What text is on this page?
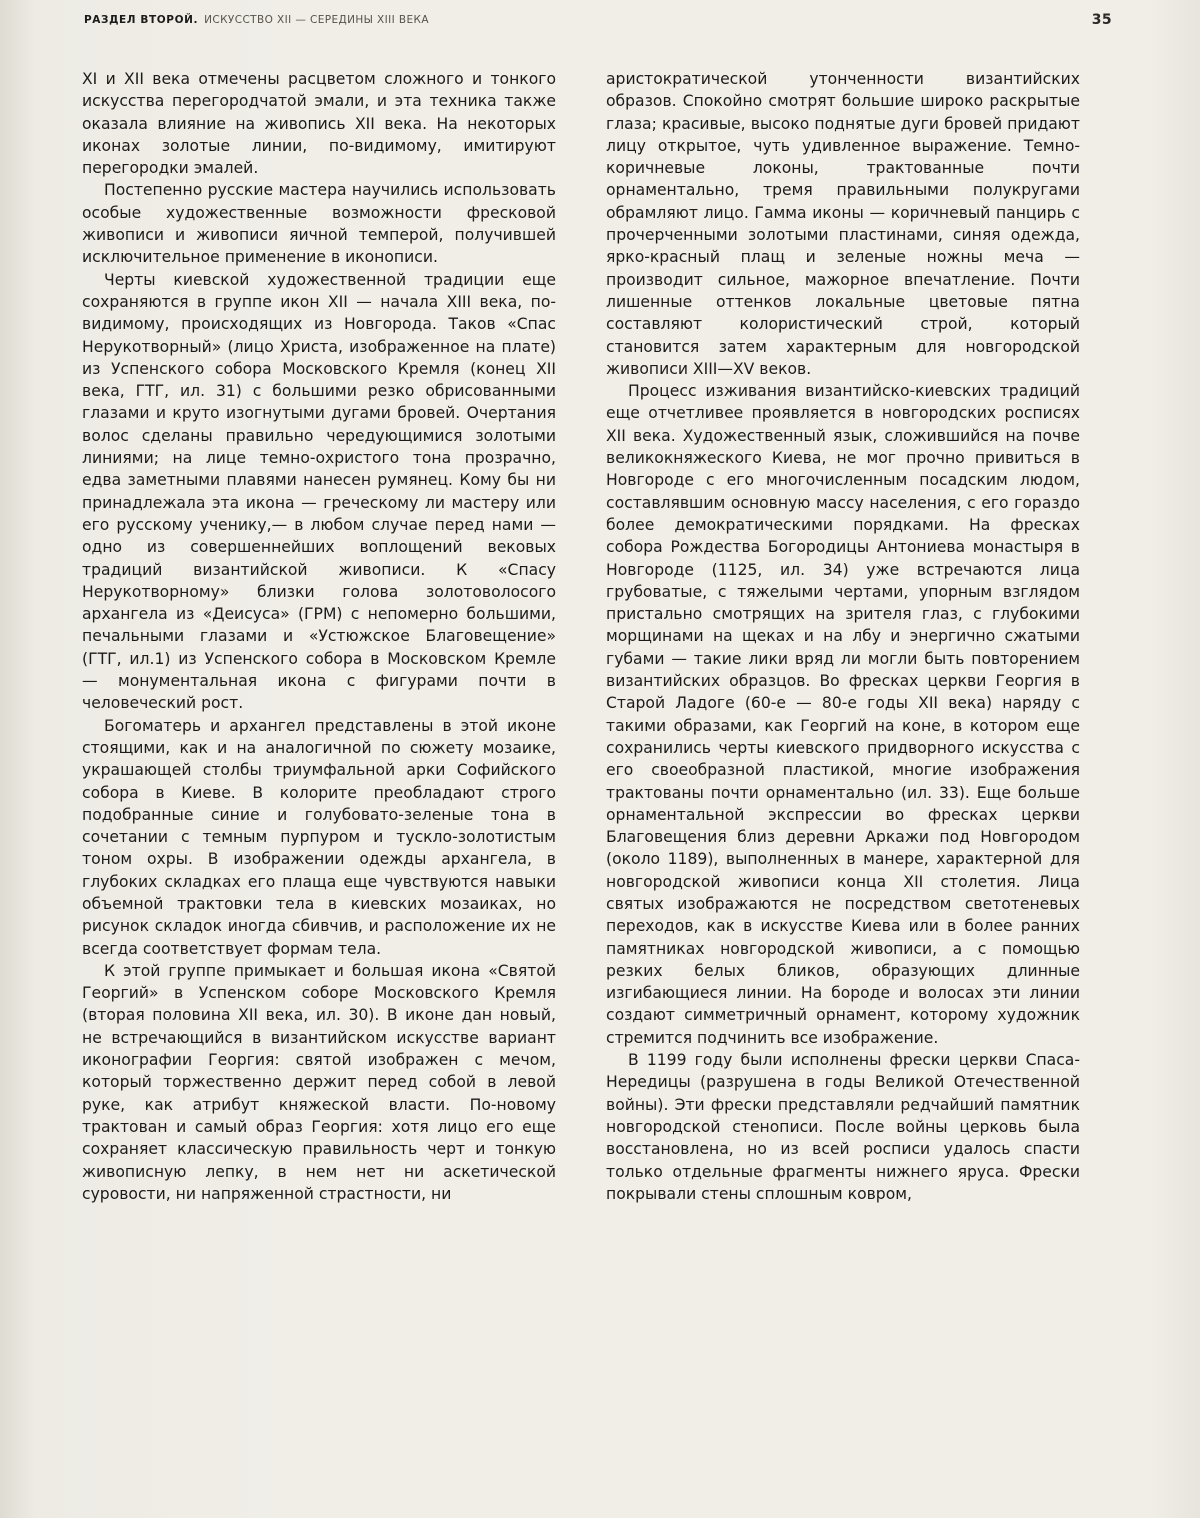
РАЗДЕЛ ВТОРОЙ. ИСКУССТВО XII — СЕРЕДИНЫ XIII ВЕКА	35

XI и XII века отмечены расцветом сложного и тонкого искусства перегородчатой эмали, и эта техника также оказала влияние на живопись XII века. На некоторых иконах золотые линии, по-видимому, имитируют перегородки эмалей.

Постепенно русские мастера научились использовать особые художественные возможности фресковой живописи и живописи яичной темперой, получившей исключительное применение в иконописи.

Черты киевской художественной традиции еще сохраняются в группе икон XII — начала XIII века, по-видимому, происходящих из Новгорода. Таков «Спас Нерукотворный» (лицо Христа, изображенное на плате) из Успенского собора Московского Кремля (конец XII века, ГТГ, ил. 31) с большими резко обрисованными глазами и круто изогнутыми дугами бровей. Очертания волос сделаны правильно чередующимися золотыми линиями; на лице темно-охристого тона прозрачно, едва заметными плавями нанесен румянец. Кому бы ни принадлежала эта икона — греческому ли мастеру или его русскому ученику,— в любом случае перед нами — одно из совершеннейших воплощений вековых традиций византийской живописи. К «Спасу Нерукотворному» близки голова золотоволосого архангела из «Деисуса» (ГРМ) с непомерно большими, печальными глазами и «Устюжское Благовещение» (ГТГ, ил.1) из Успенского собора в Московском Кремле — монументальная икона с фигурами почти в человеческий рост.

Богоматерь и архангел представлены в этой иконе стоящими, как и на аналогичной по сюжету мозаике, украшающей столбы триумфальной арки Софийского собора в Киеве. В колорите преобладают строго подобранные синие и голубовато-зеленые тона в сочетании с темным пурпуром и тускло-золотистым тоном охры. В изображении одежды архангела, в глубоких складках его плаща еще чувствуются навыки объемной трактовки тела в киевских мозаиках, но рисунок складок иногда сбивчив, и расположение их не всегда соответствует формам тела.

К этой группе примыкает и большая икона «Святой Георгий» в Успенском соборе Московского Кремля (вторая половина XII века, ил. 30). В иконе дан новый, не встречающийся в византийском искусстве вариант иконографии Георгия: святой изображен с мечом, который торжественно держит перед собой в левой руке, как атрибут княжеской власти. По-новому трактован и самый образ Георгия: хотя лицо его еще сохраняет классическую правильность черт и тонкую живописную лепку, в нем нет ни аскетической суровости, ни напряженной страстности, ни

аристократической утонченности византийских образов. Спокойно смотрят большие широко раскрытые глаза; красивые, высоко поднятые дуги бровей придают лицу открытое, чуть удивленное выражение. Темно-коричневые локоны, трактованные почти орнаментально, тремя правильными полукругами обрамляют лицо. Гамма иконы — коричневый панцирь с прочерченными золотыми пластинами, синяя одежда, ярко-красный плащ и зеленые ножны меча — производит сильное, мажорное впечатление. Почти лишенные оттенков локальные цветовые пятна составляют колористический строй, который становится затем характерным для новгородской живописи XIII—XV веков.

Процесс изживания византийско-киевских традиций еще отчетливее проявляется в новгородских росписях XII века. Художественный язык, сложившийся на почве великокняжеского Киева, не мог прочно привиться в Новгороде с его многочисленным посадским людом, составлявшим основную массу населения, с его гораздо более демократическими порядками. На фресках собора Рождества Богородицы Антониева монастыря в Новгороде (1125, ил. 34) уже встречаются лица грубоватые, с тяжелыми чертами, упорным взглядом пристально смотрящих на зрителя глаз, с глубокими морщинами на щеках и на лбу и энергично сжатыми губами — такие лики вряд ли могли быть повторением византийских образцов. Во фресках церкви Георгия в Старой Ладоге (60-е — 80-е годы XII века) наряду с такими образами, как Георгий на коне, в котором еще сохранились черты киевского придворного искусства с его своеобразной пластикой, многие изображения трактованы почти орнаментально (ил. 33). Еще больше орнаментальной экспрессии во фресках церкви Благовещения близ деревни Аркажи под Новгородом (около 1189), выполненных в манере, характерной для новгородской живописи конца XII столетия. Лица святых изображаются не посредством светотеневых переходов, как в искусстве Киева или в более ранних памятниках новгородской живописи, а с помощью резких белых бликов, образующих длинные изгибающиеся линии. На бороде и волосах эти линии создают симметричный орнамент, которому художник стремится подчинить все изображение.

В 1199 году были исполнены фрески церкви Спаса-Нередицы (разрушена в годы Великой Отечественной войны). Эти фрески представляли редчайший памятник новгородской стенописи. После войны церковь была восстановлена, но из всей росписи удалось спасти только отдельные фрагменты нижнего яруса. Фрески покрывали стены сплошным ковром,
